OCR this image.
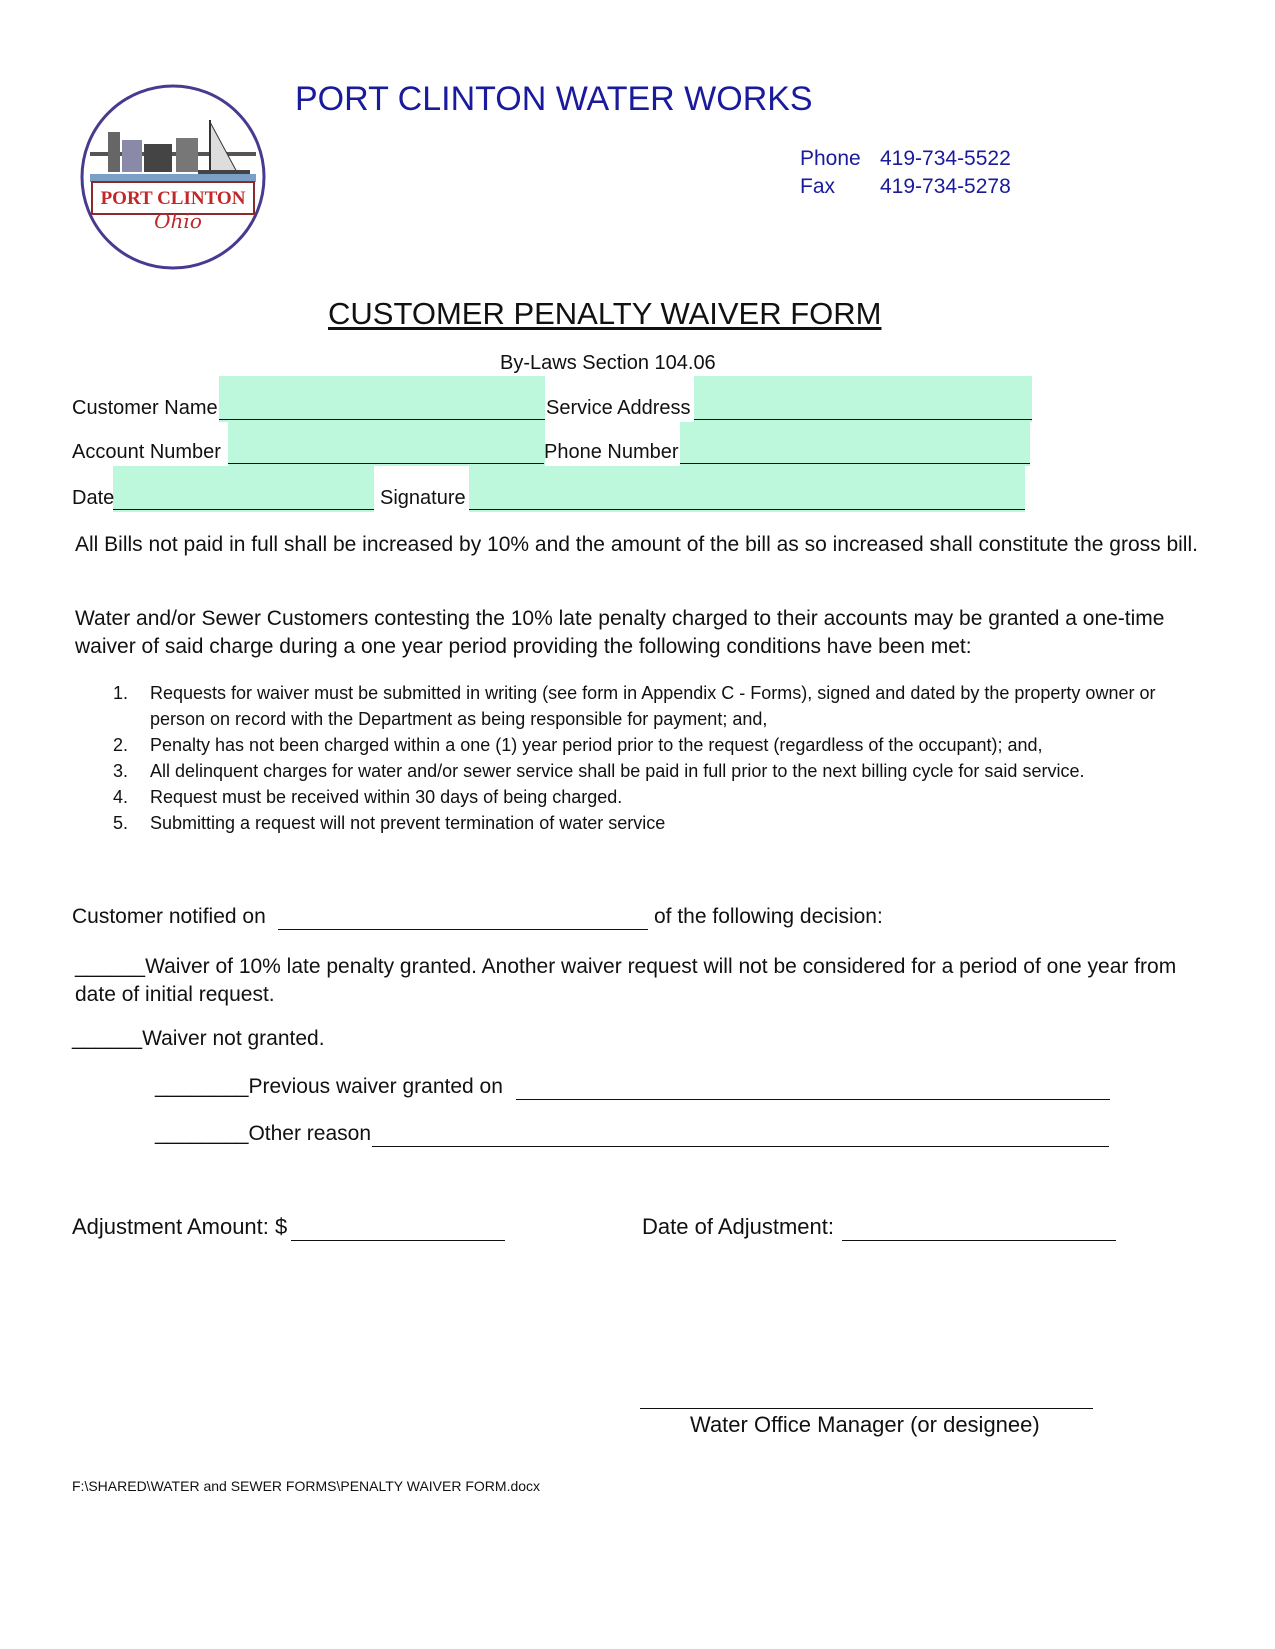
PORT CLINTON
Ohio
PORT CLINTON WATER WORKS
Phone 419-734-5522
Fax 419-734-5278
CUSTOMER PENALTY WAIVER FORM
By-Laws Section 104.06
Customer Name	Service Address
Account Number	Phone Number
Date	Signature
All Bills not paid in full shall be increased by 10% and the amount of the bill as so increased shall constitute the gross bill.
Water and/or Sewer Customers contesting the 10% late penalty charged to their accounts may be granted a one-time waiver of said charge during a one year period providing the following conditions have been met:
1. Requests for waiver must be submitted in writing (see form in Appendix C - Forms), signed and dated by the property owner or person on record with the Department as being responsible for payment; and,
2. Penalty has not been charged within a one (1) year period prior to the request (regardless of the occupant); and,
3. All delinquent charges for water and/or sewer service shall be paid in full prior to the next billing cycle for said service.
4. Request must be received within 30 days of being charged.
5. Submitting a request will not prevent termination of water service
Customer notified on	of the following decision:
______Waiver of 10% late penalty granted. Another waiver request will not be considered for a period of one year from date of initial request.
______Waiver not granted.
________Previous waiver granted on
________Other reason
Adjustment Amount: $	Date of Adjustment:
Water Office Manager (or designee)
F:\SHARED\WATER and SEWER FORMS\PENALTY WAIVER FORM.docx
